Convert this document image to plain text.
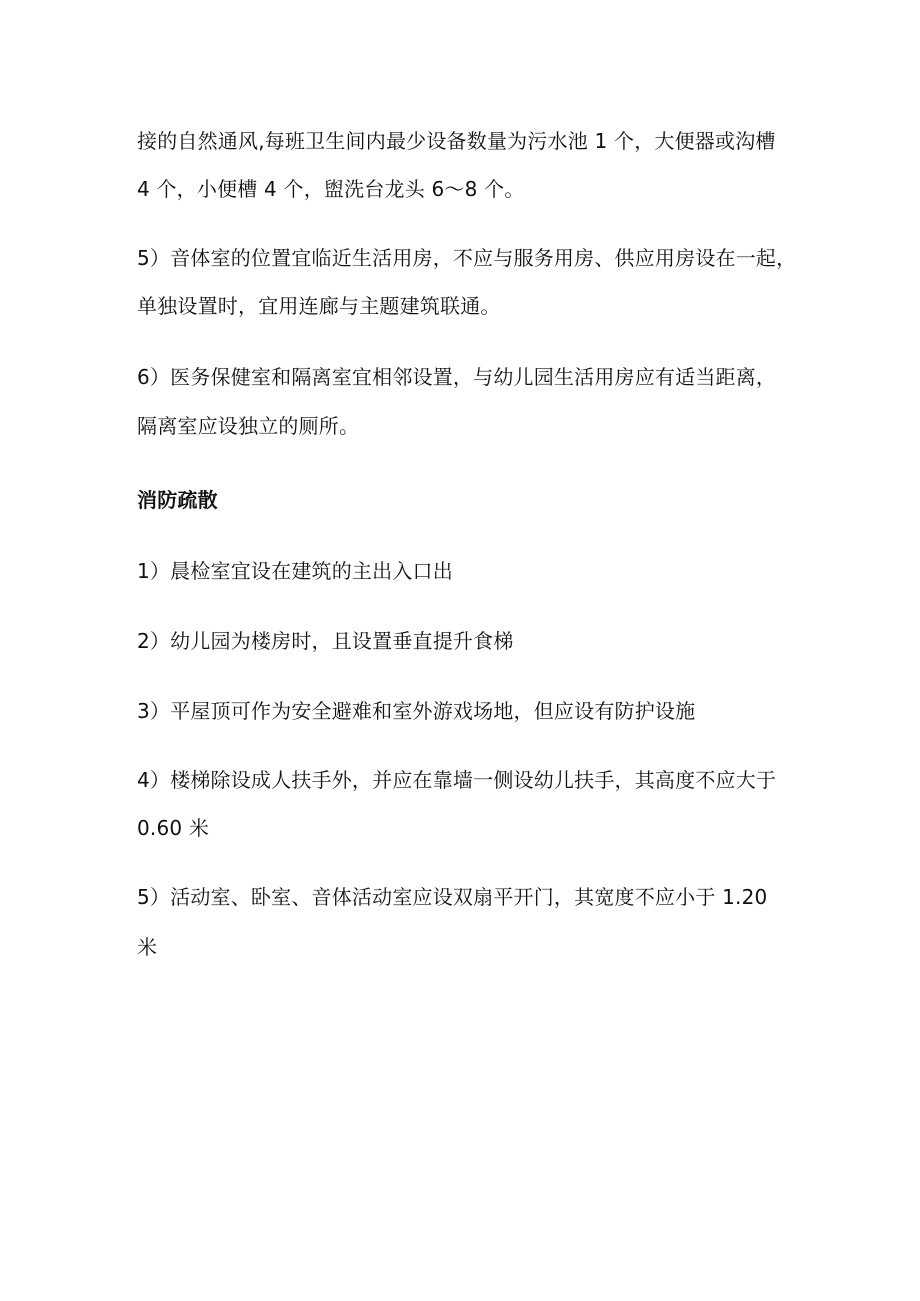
接的自然通风,每班卫生间内最少设备数量为污水池 1 个，大便器或沟槽
4 个，小便槽 4 个，盥洗台龙头 6～8 个。
5）音体室的位置宜临近生活用房，不应与服务用房、供应用房设在一起，
单独设置时，宜用连廊与主题建筑联通。
6）医务保健室和隔离室宜相邻设置，与幼儿园生活用房应有适当距离，
隔离室应设独立的厕所。
消防疏散
1）晨检室宜设在建筑的主出入口出
2）幼儿园为楼房时，且设置垂直提升食梯
3）平屋顶可作为安全避难和室外游戏场地，但应设有防护设施
4）楼梯除设成人扶手外，并应在靠墙一侧设幼儿扶手，其高度不应大于
0.60 米
5）活动室、卧室、音体活动室应设双扇平开门，其宽度不应小于 1.20
米
